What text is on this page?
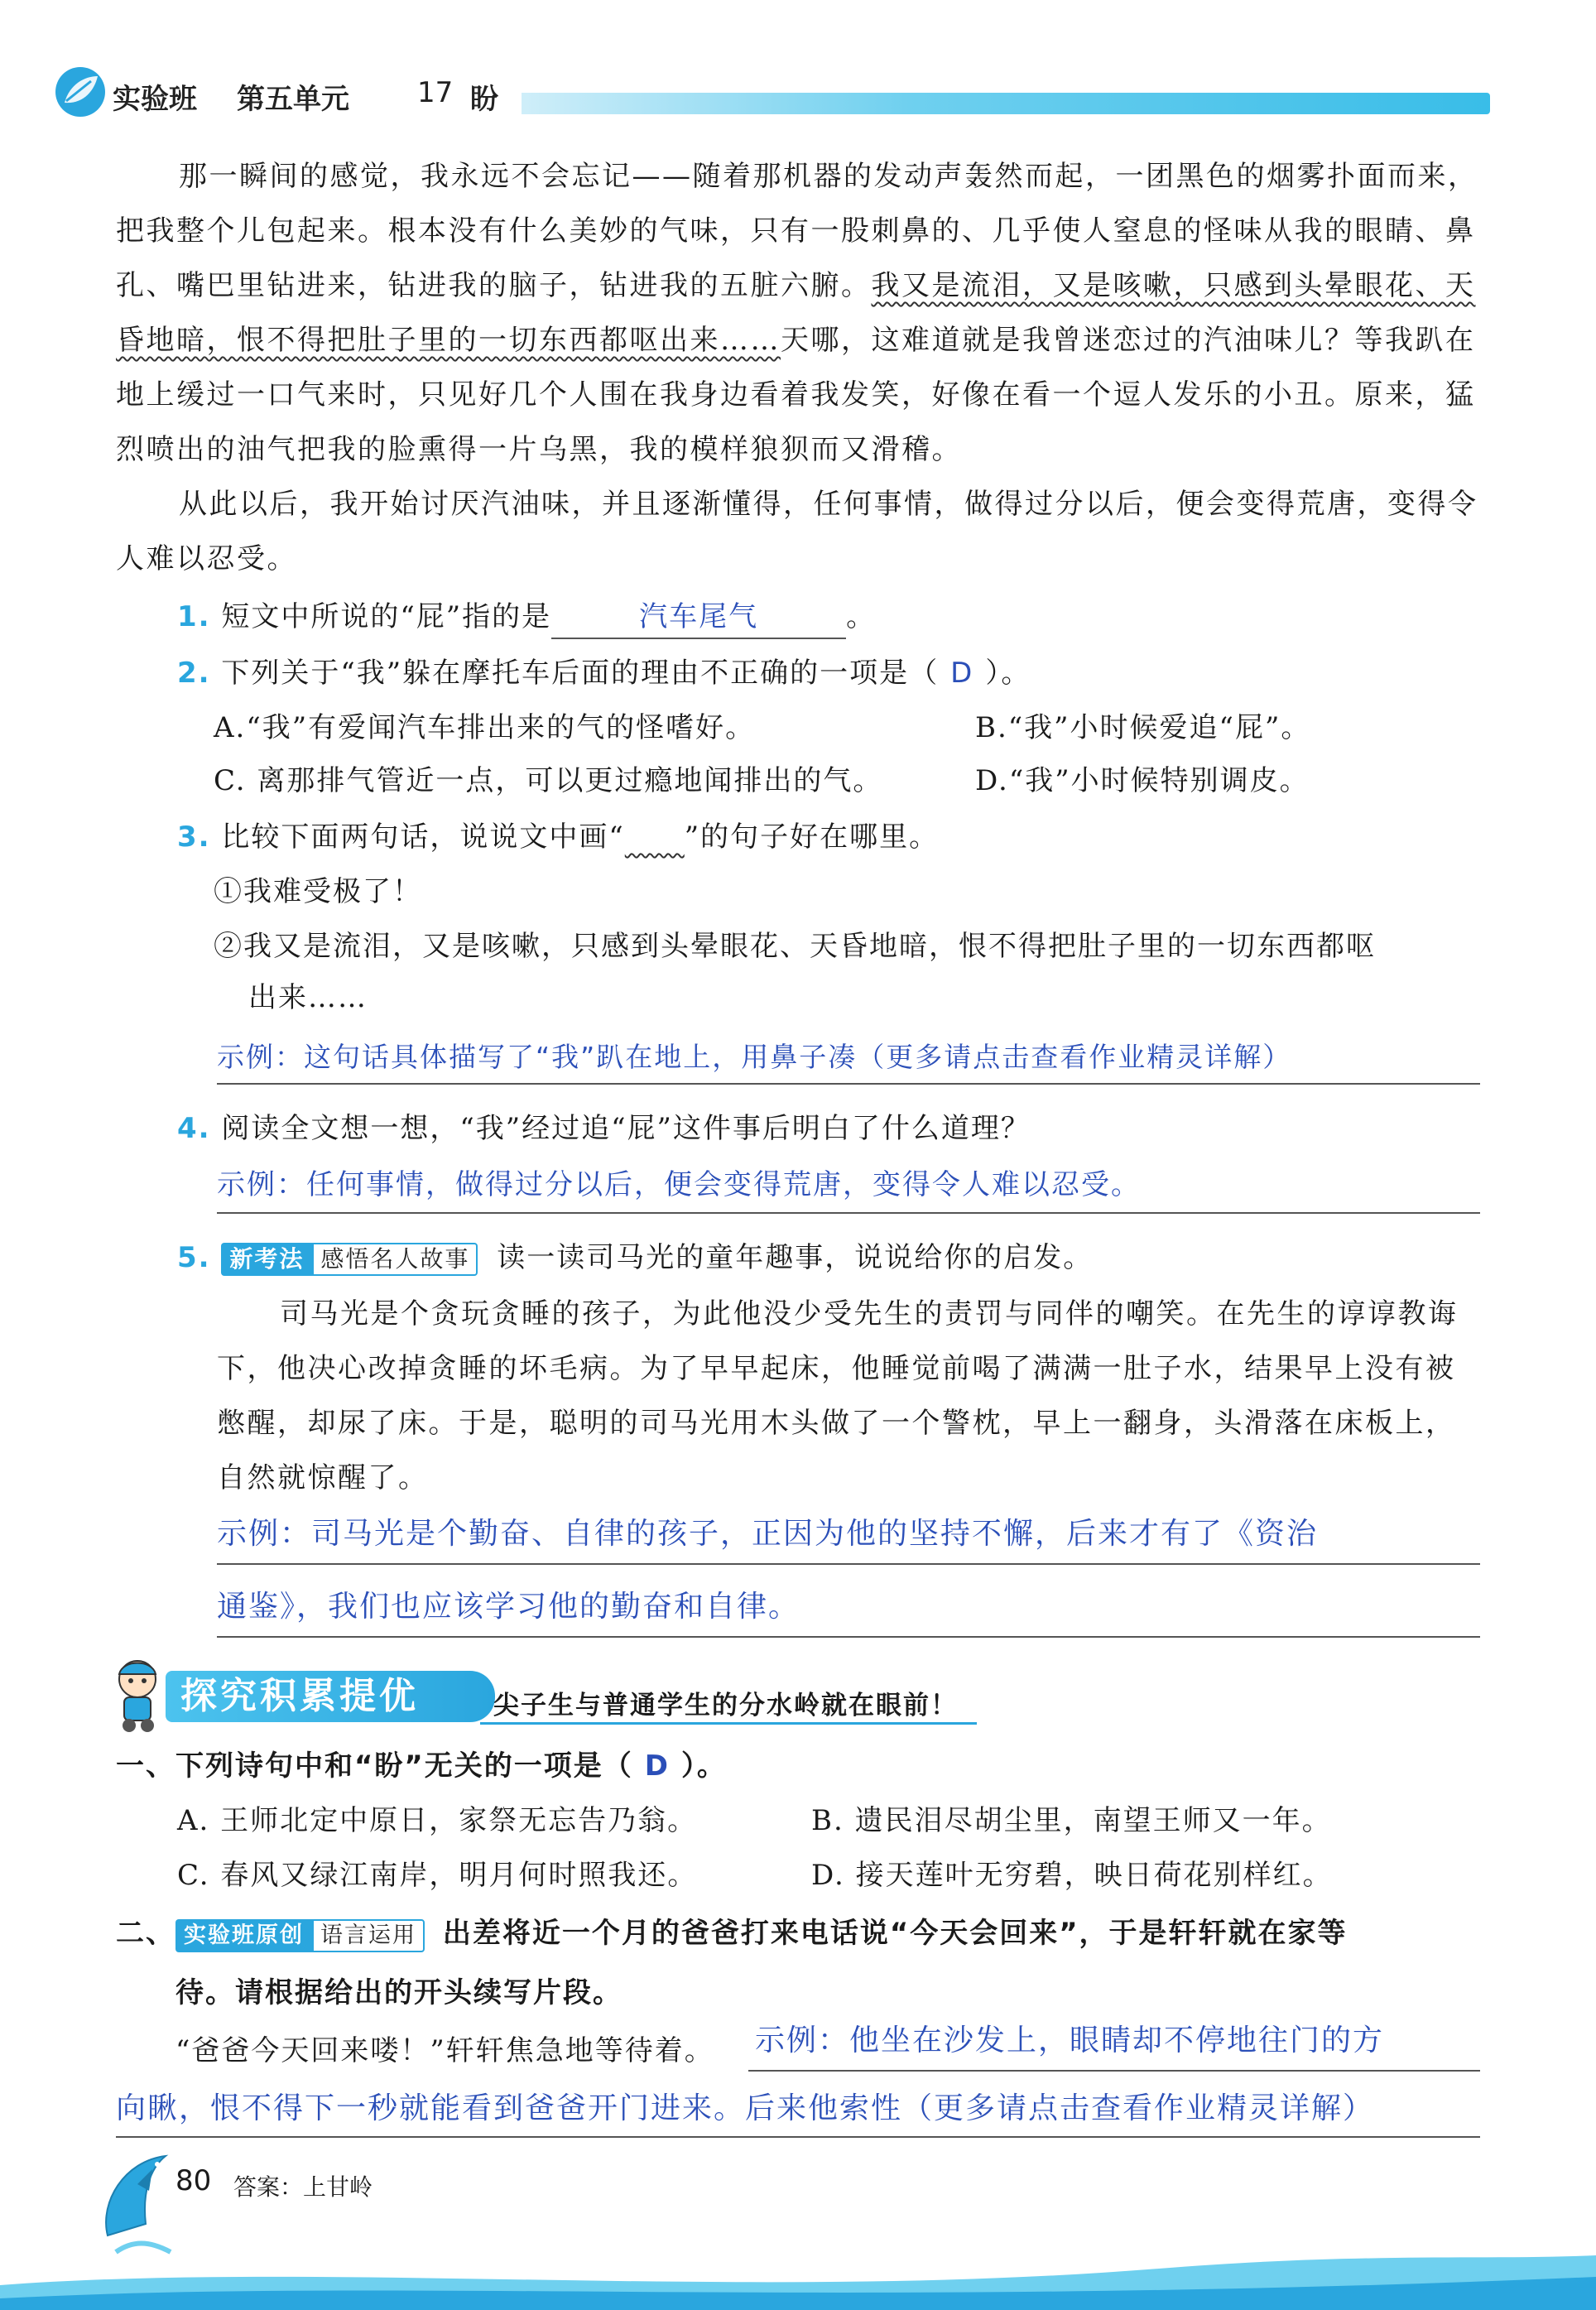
实验班 第五单元 17 盼

那一瞬间的感觉，我永远不会忘记——随着那机器的发动声轰然而起，一团黑色的烟雾扑面而来，把我整个儿包起来。根本没有什么美妙的气味，只有一股刺鼻的、几乎使人窒息的怪味从我的眼睛、鼻孔、嘴巴里钻进来，钻进我的脑子，钻进我的五脏六腑。我又是流泪，又是咳嗽，只感到头晕眼花、天昏地暗，恨不得把肚子里的一切东西都呕出来……天哪，这难道就是我曾迷恋过的汽油味儿？等我趴在地上缓过一口气来时，只见好几个人围在我身边看着我发笑，好像在看一个逗人发乐的小丑。原来，猛烈喷出的油气把我的脸熏得一片乌黑，我的模样狼狈而又滑稽。

从此以后，我开始讨厌汽油味，并且逐渐懂得，任何事情，做得过分以后，便会变得荒唐，变得令人难以忍受。

1. 短文中所说的“屁”指的是	汽车尾气	。
2. 下列关于“我”躲在摩托车后面的理由不正确的一项是（ D ）。
A.“我”有爱闻汽车排出来的气的怪嗜好。	B.“我”小时候爱追“屁”。
C. 离那排气管近一点，可以更过瘾地闻排出的气。	D.“我”小时候特别调皮。
3. 比较下面两句话，说说文中画“　　 ”的句子好在哪里。
①我难受极了！
②我又是流泪，又是咳嗽，只感到头晕眼花、天昏地暗，恨不得把肚子里的一切东西都呕
出来……
示例：这句话具体描写了“我”趴在地上，用鼻子凑（更多请点击查看作业精灵详解）
4. 阅读全文想一想，“我”经过追“屁”这件事后明白了什么道理？
示例：任何事情，做得过分以后，便会变得荒唐，变得令人难以忍受。
5. 新考法 感悟名人故事 读一读司马光的童年趣事，说说给你的启发。

司马光是个贪玩贪睡的孩子，为此他没少受先生的责罚与同伴的嘲笑。在先生的谆谆教诲下，他决心改掉贪睡的坏毛病。为了早早起床，他睡觉前喝了满满一肚子水，结果早上没有被憋醒，却尿了床。于是，聪明的司马光用木头做了一个警枕，早上一翻身，头滑落在床板上，自然就惊醒了。

示例：司马光是个勤奋、自律的孩子，正因为他的坚持不懈，后来才有了《资治
通鉴》，我们也应该学习他的勤奋和自律。
探究积累提优	尖子生与普通学生的分水岭就在眼前！
一、下列诗句中和“盼”无关的一项是（ D ）。
A. 王师北定中原日，家祭无忘告乃翁。	B. 遗民泪尽胡尘里，南望王师又一年。
C. 春风又绿江南岸，明月何时照我还。	D. 接天莲叶无穷碧，映日荷花别样红。
二、 实验班原创 语言运用 出差将近一个月的爸爸打来电话说“今天会回来”，于是轩轩就在家等
待。请根据给出的开头续写片段。
“爸爸今天回来喽！”轩轩焦急地等待着。 示例：他坐在沙发上，眼睛却不停地往门的方
向瞅，恨不得下一秒就能看到爸爸开门进来。后来他索性（更多请点击查看作业精灵详解）
80 答案：上甘岭
